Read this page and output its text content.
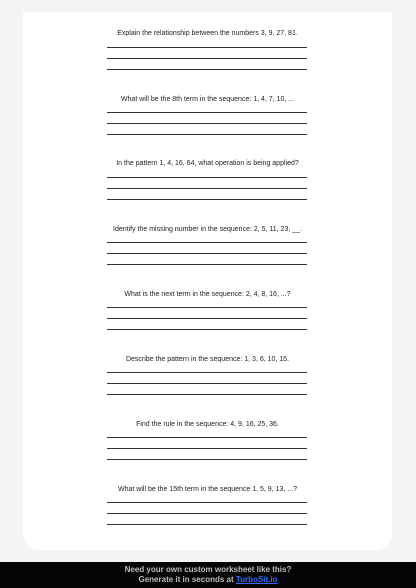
Explain the relationship between the numbers 3, 9, 27, 81.
What will be the 8th term in the sequence: 1, 4, 7, 10, ...
In the pattern 1, 4, 16, 64, what operation is being applied?
Identify the missing number in the sequence: 2, 5, 11, 23, __.
What is the next term in the sequence: 2, 4, 8, 16, ...?
Describe the pattern in the sequence: 1, 3, 6, 10, 15.
Find the rule in the sequence: 4, 9, 16, 25, 36.
What will be the 15th term in the sequence 1, 5, 9, 13, ...?
Need your own custom worksheet like this?
Generate it in seconds at TurboSit.io
